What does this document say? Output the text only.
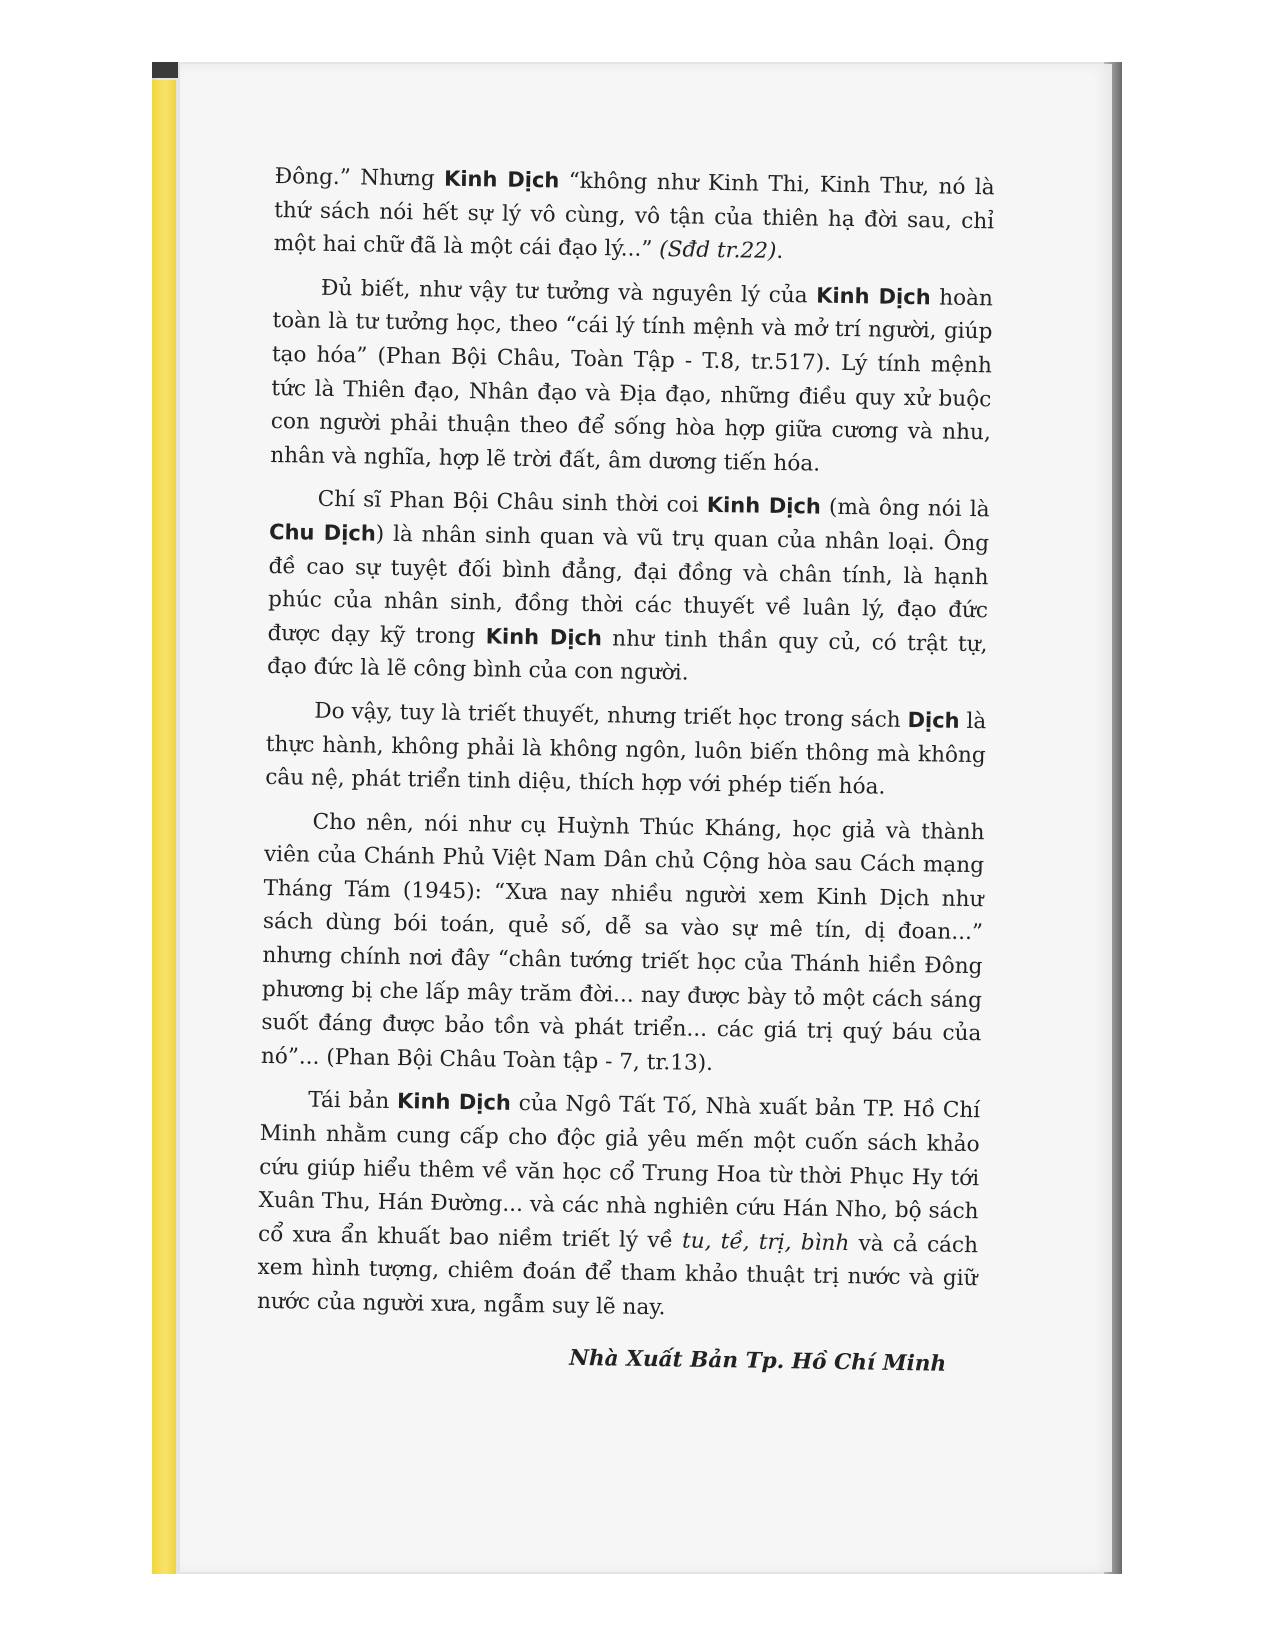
Đông.” Nhưng Kinh Dịch “không như Kinh Thi, Kinh Thư, nó là thứ sách nói hết sự lý vô cùng, vô tận của thiên hạ đời sau, chỉ một hai chữ đã là một cái đạo lý...” (Sđd tr.22).

Đủ biết, như vậy tư tưởng và nguyên lý của Kinh Dịch hoàn toàn là tư tưởng học, theo “cái lý tính mệnh và mở trí người, giúp tạo hóa” (Phan Bội Châu, Toàn Tập - T.8, tr.517). Lý tính mệnh tức là Thiên đạo, Nhân đạo và Địa đạo, những điều quy xử buộc con người phải thuận theo để sống hòa hợp giữa cương và nhu, nhân và nghĩa, hợp lẽ trời đất, âm dương tiến hóa.

Chí sĩ Phan Bội Châu sinh thời coi Kinh Dịch (mà ông nói là Chu Dịch) là nhân sinh quan và vũ trụ quan của nhân loại. Ông đề cao sự tuyệt đối bình đẳng, đại đồng và chân tính, là hạnh phúc của nhân sinh, đồng thời các thuyết về luân lý, đạo đức được dạy kỹ trong Kinh Dịch như tinh thần quy củ, có trật tự, đạo đức là lẽ công bình của con người.

Do vậy, tuy là triết thuyết, nhưng triết học trong sách Dịch là thực hành, không phải là không ngôn, luôn biến thông mà không câu nệ, phát triển tinh diệu, thích hợp với phép tiến hóa.

Cho nên, nói như cụ Huỳnh Thúc Kháng, học giả và thành viên của Chánh Phủ Việt Nam Dân chủ Cộng hòa sau Cách mạng Tháng Tám (1945): “Xưa nay nhiều người xem Kinh Dịch như sách dùng bói toán, quẻ số, dễ sa vào sự mê tín, dị đoan...” nhưng chính nơi đây “chân tướng triết học của Thánh hiền Đông phương bị che lấp mây trăm đời... nay được bày tỏ một cách sáng suốt đáng được bảo tồn và phát triển... các giá trị quý báu của nó”... (Phan Bội Châu Toàn tập - 7, tr.13).

Tái bản Kinh Dịch của Ngô Tất Tố, Nhà xuất bản TP. Hồ Chí Minh nhằm cung cấp cho độc giả yêu mến một cuốn sách khảo cứu giúp hiểu thêm về văn học cổ Trung Hoa từ thời Phục Hy tới Xuân Thu, Hán Đường... và các nhà nghiên cứu Hán Nho, bộ sách cổ xưa ẩn khuất bao niềm triết lý về tu, tề, trị, bình và cả cách xem hình tượng, chiêm đoán để tham khảo thuật trị nước và giữ nước của người xưa, ngẫm suy lẽ nay.

Nhà Xuất Bản Tp. Hồ Chí Minh
